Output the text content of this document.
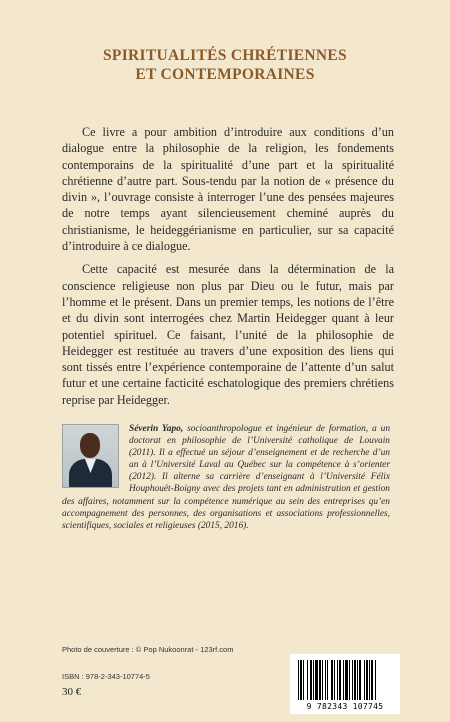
SPIRITUALITÉS CHRÉTIENNES
ET CONTEMPORAINES

Ce livre a pour ambition d’introduire aux conditions d’un dialogue entre la philosophie de la religion, les fondements contemporains de la spiritualité d’une part et la spiritualité chrétienne d’autre part. Sous-tendu par la notion de « présence du divin », l’ouvrage consiste à interroger l’une des pensées majeures de notre temps ayant silencieusement cheminé auprès du christianisme, le heideggérianisme en particulier, sur sa capacité d’introduire à ce dialogue.

Cette capacité est mesurée dans la détermination de la conscience religieuse non plus par Dieu ou le futur, mais par l’homme et le présent. Dans un premier temps, les notions de l’être et du divin sont interrogées chez Martin Heidegger quant à leur potentiel spirituel. Ce faisant, l’unité de la philosophie de Heidegger est restituée au travers d’une exposition des liens qui sont tissés entre l’expérience contemporaine de l’attente d’un salut futur et une certaine facticité eschatologique des premiers chrétiens reprise par Heidegger.

Séverin Yapo, socioanthropologue et ingénieur de formation, a un doctorat en philosophie de l’Université catholique de Louvain (2011). Il a effectué un séjour d’enseignement et de recherche d’un an à l’Université Laval au Québec sur la compétence à s’orienter (2012). Il alterne sa carrière d’enseignant à l’Université Félix Houphouët-Boigny avec des projets tant en administration et gestion des affaires, notamment sur la compétence numérique au sein des entreprises qu’en accompagnement des personnes, des organisations et associations professionnelles, scientifiques, sociales et religieuses (2015, 2016).
Photo de couverture : © Pop Nukoonrat - 123rf.com
ISBN : 978-2-343-10774-5
30 €
9 782343 107745
